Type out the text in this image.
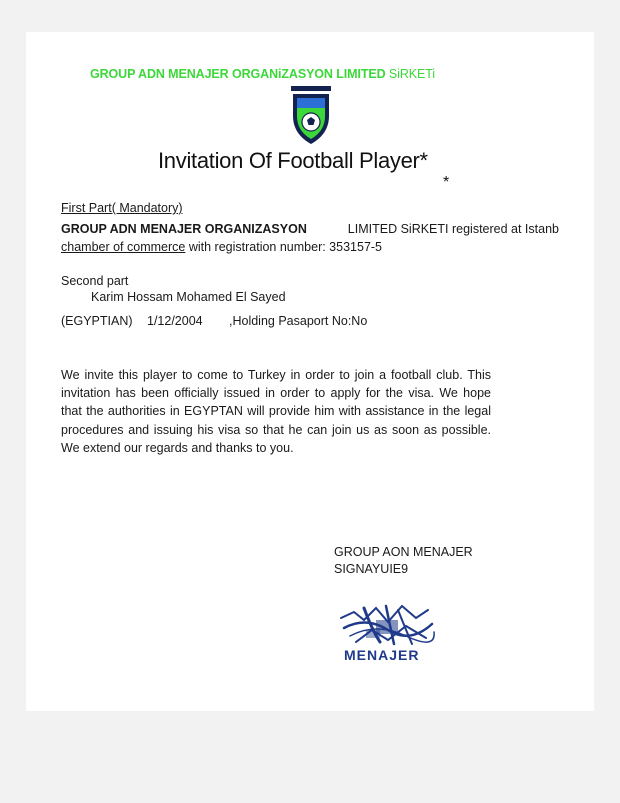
GROUP ADN MENAJER ORGANiZASYON LIMITED SiRKETi
Invitation Of Football Player*
*
First Part( Mandatory)
GROUP ADN MENAJER ORGANIZASYON	LIMITED SiRKETI registered at Istanb
chamber of commerce with registration number: 353157-5
Second part
Karim Hossam Mohamed El Sayed
(EGYPTIAN) 1/12/2004 ,Holding Pasaport No:No
We invite this player to come to Turkey in order to join a football club. This invitation has been officially issued in order to apply for the visa. We hope that the authorities in EGYPTAN will provide him with assistance in the legal procedures and issuing his visa so that he can join us as soon as possible. We extend our regards and thanks to you.
GROUP AON MENAJER
SIGNAYUIE9
MENAJER
